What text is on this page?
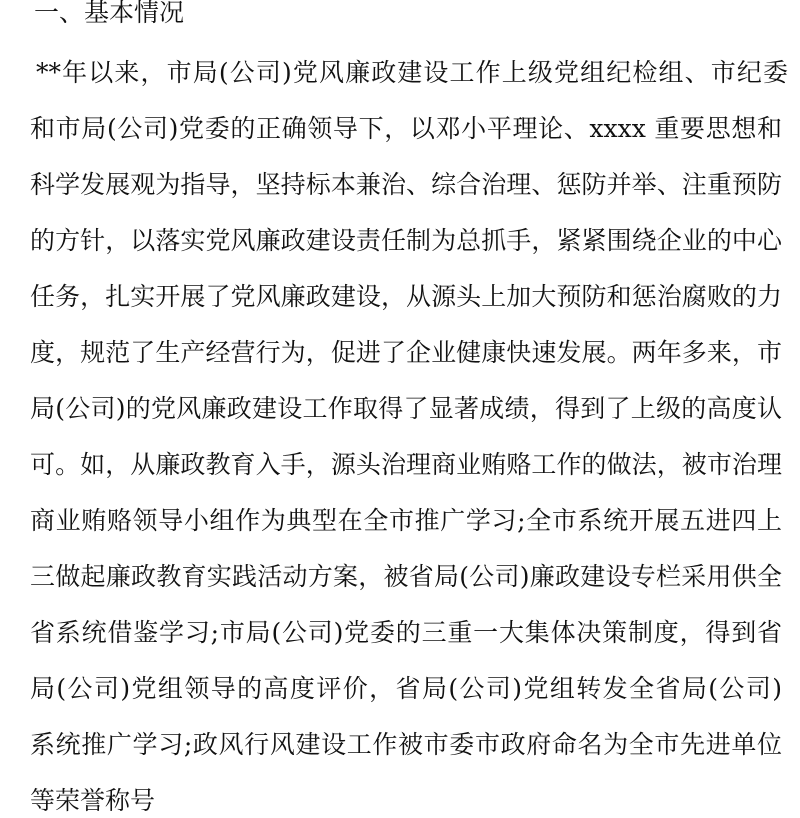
一、基本情况
**年以来，市局(公司)党风廉政建设工作上级党组纪检组、市纪委
和市局(公司)党委的正确领导下，以邓小平理论、xxxx 重要思想和
科学发展观为指导，坚持标本兼治、综合治理、惩防并举、注重预防
的方针，以落实党风廉政建设责任制为总抓手，紧紧围绕企业的中心
任务，扎实开展了党风廉政建设，从源头上加大预防和惩治腐败的力
度，规范了生产经营行为，促进了企业健康快速发展。两年多来，市
局(公司)的党风廉政建设工作取得了显著成绩，得到了上级的高度认
可。如，从廉政教育入手，源头治理商业贿赂工作的做法，被市治理
商业贿赂领导小组作为典型在全市推广学习;全市系统开展五进四上
三做起廉政教育实践活动方案，被省局(公司)廉政建设专栏采用供全
省系统借鉴学习;市局(公司)党委的三重一大集体决策制度，得到省
局(公司)党组领导的高度评价，省局(公司)党组转发全省局(公司)
系统推广学习;政风行风建设工作被市委市政府命名为全市先进单位
等荣誉称号
